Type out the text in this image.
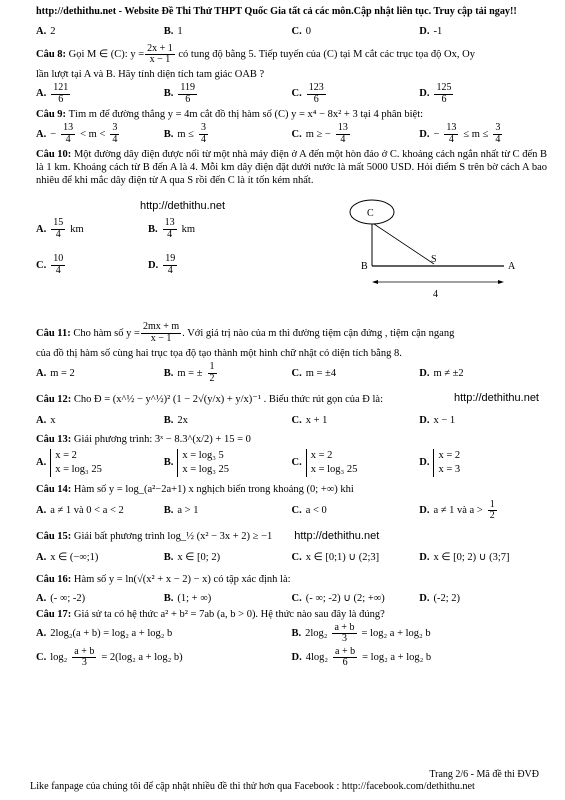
http://dethithu.net - Website Đề Thi Thử THPT Quốc Gia tất cả các môn.Cập nhật liên tục. Truy cập tải ngay!!
A. 2	B. 1	C. 0	D. -1
Câu 8:
Gọi M ∈ (C): $y = \frac{2x + 1}{x - 1}$
có tung độ bằng 5. Tiếp tuyến của (C) tại M cắt các trục tọa độ Ox, Oy
lần lượt tại A và B. Hãy tính diện tích tam giác OAB ?
A. $\frac{121}{6}$	B. $\frac{119}{6}$	C. $\frac{123}{6}$	D. $\frac{125}{6}$
Câu 9: Tìm m để đường thẳng y = 4m cắt đồ thị hàm số (C) y = x⁴ − 8x² + 3 tại 4 phân biệt:
A. − $\frac{13}{4} < m < \frac{3}{4}$	B. $m \le \frac{3}{4}$	C. m ≥ − $\frac{13}{4}$	D. − $\frac{13}{4} \le m \le \frac{3}{4}$
Câu 10: Một đường dây điện được nối từ một nhà máy điện ở A đến một hòn đảo ở C. khoảng cách ngắn nhất từ C đến B là 1 km. Khoảng cách từ B đến A là 4. Mỗi km dây điện đặt dưới nước là mất 5000 USD. Hỏi điểm S trên bờ cách A bao nhiêu để khi mắc dây điện từ A qua S rồi đến C là ít tốn kém nhất.
http://dethithu.net
A. $\frac{15}{4}$ km	B. $\frac{13}{4}$ km
C. $\frac{10}{4}$	D. $\frac{19}{4}$
C
B
S
A
4
Câu 11:
Cho hàm số $y = \frac{2mx + m}{x - 1}$ . Với giá trị nào của m thì đường tiệm cận đứng , tiệm cận ngang
của đồ thị hàm số cùng hai trục tọa độ tạo thành một hình chữ nhật có diện tích bằng 8.
A. m = 2	B. m = ± $\frac{1}{2}$	C. m = ±4	D. m ≠ ±2
Câu 12: Cho Đ = (x^½ − y^½)² (1 − 2√(y/x) + y/x)⁻¹ . Biểu thức rút gọn của Đ là:	http://dethithu.net
A. x	B. 2x	C. x + 1	D. x − 1
Câu 13: Giải phương trình: 3ˣ − 8.3^(x/2) + 15 = 0
A.
x = 2
x = log₃ 25
B.
x = log₃ 5
x = log₃ 25
C.
x = 2
x = log₃ 25
D.
x = 2
x = 3
Câu 14: Hàm số y = log_(a²−2a+1) x nghịch biến trong khoảng (0; +∞) khi
A. a ≠ 1 và 0 < a < 2	B. a > 1	C. a < 0	D. a ≠ 1 và $a > \frac{1}{2}$
Câu 15:
Giải bất phương trình log_½ (x² − 3x + 2) ≥ −1 http://dethithu.net
A. x ∈ (−∞;1)	B. x ∈ [0; 2)	C. x ∈ [0;1) ∪ (2;3]	D. x ∈ [0; 2) ∪ (3;7]
Câu 16: Hàm số y = ln(√(x² + x − 2) − x) có tập xác định là:
A. (- ∞; -2)	B. (1; + ∞)	C. (- ∞; -2) ∪ (2; +∞)	D. (-2; 2)
Câu 17: Giả sử ta có hệ thức a² + b² = 7ab (a, b > 0). Hệ thức nào sau đây là đúng?
A. 2log₂(a + b) = log₂ a + log₂ b	B. $2\log_2 \frac{a + b}{3} = \log_2$ a + log₂ b
C. $\log_2 \frac{a + b}{3} = 2(\log_2$ a + log₂ b)	D. $4\log_2 \frac{a + b}{6} = \log_2$ a + log₂ b
Trang 2/6 - Mã đề thi ĐVĐ
Like fanpage của chúng tôi để cập nhật nhiều đề thi thử hơn qua Facebook : http://facebook.com/dethithu.net
